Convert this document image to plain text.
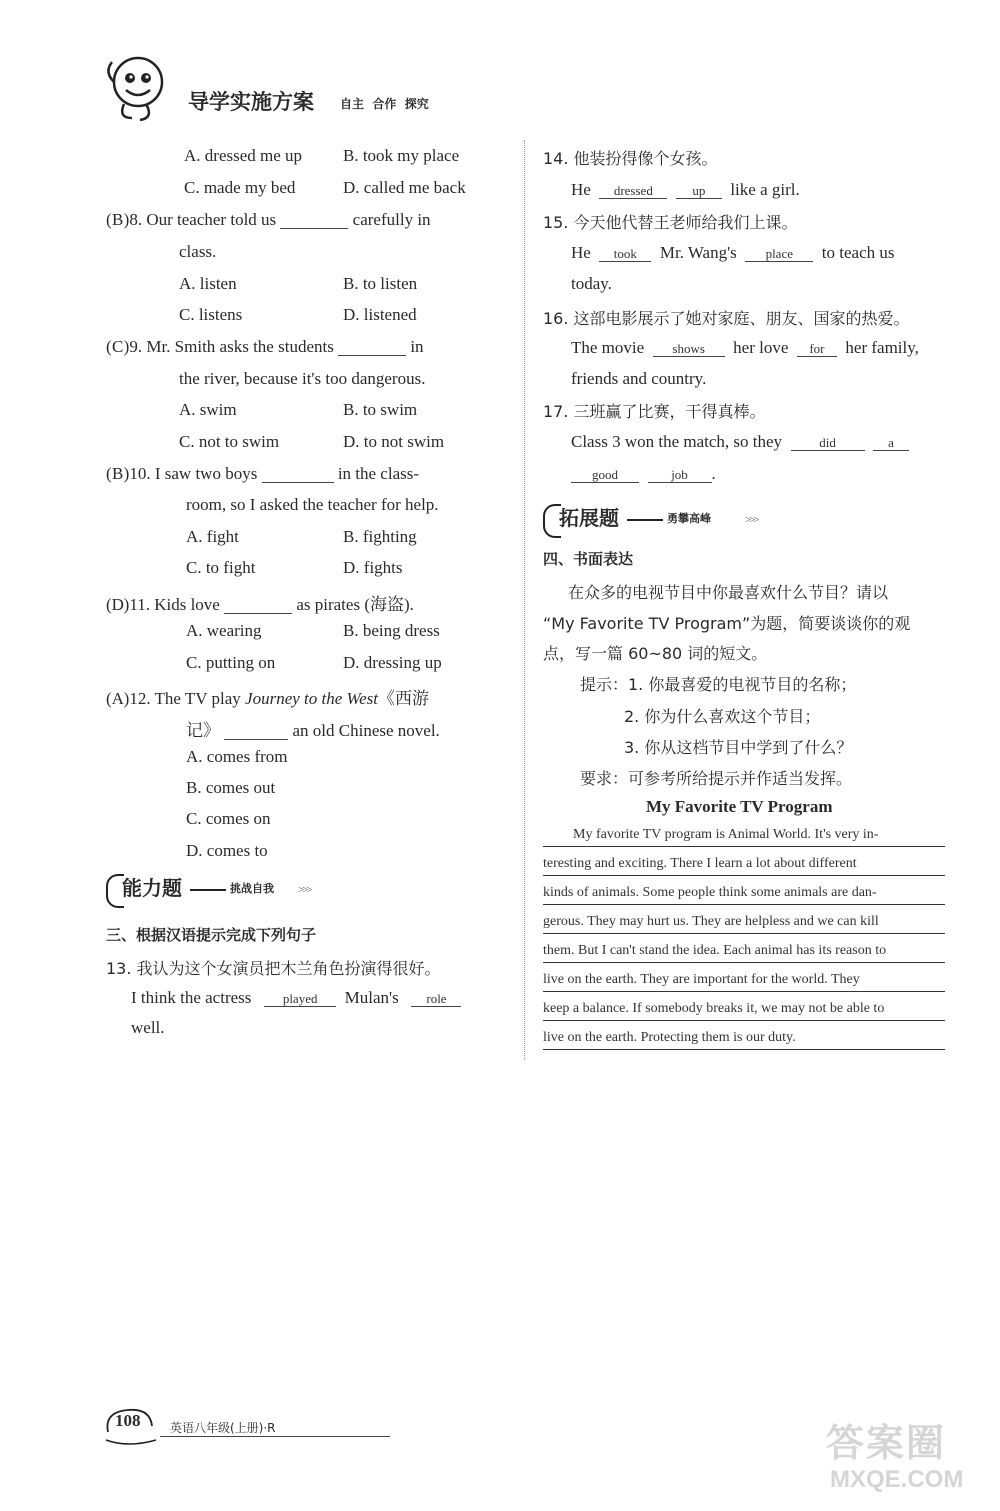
导学实施方案 自主  合作  探究
A. dressed me up B. took my place
C. made my bed	D. called me back
(B)8. Our teacher told us	carefully in
class.
A. listen	B. to listen
C. listens	D. listened
(C)9. Mr. Smith asks the students	in
the river, because it's too dangerous.
A. swim	B. to swim
C. not to swim	D. to not swim
(B)10. I saw two boys	in the class-
room, so I asked the teacher for help.
A. fight	B. fighting
C. to fight	D. fights
(D)11. Kids love	as pirates (海盗).
A. wearing	B. being dress
C. putting on	D. dressing up
(A)12. The TV play Journey to the West《西游
记》	an old Chinese novel.
A. comes from
B. comes out
C. comes on
D. comes to
能力题	挑战自我 >>>
三、根据汉语提示完成下列句子
13. 我认为这个女演员把木兰角色扮演得很好。
I think the actress played Mulan's role
well.
14. 他装扮得像个女孩。
He dressed	up like a girl.
15. 今天他代替王老师给我们上课。
He took Mr. Wang's place to teach us
today.
16. 这部电影展示了她对家庭、朋友、国家的热爱。
The movie shows her love for her family,
friends and country.
17. 三班赢了比赛，干得真棒。
Class 3 won the match, so they	did	a
good	job .
拓展题	勇攀高峰	>>>
四、书面表达
在众多的电视节目中你最喜欢什么节目？请以
“My Favorite TV Program”为题，简要谈谈你的观
点，写一篇 60~80 词的短文。
提示：1. 你最喜爱的电视节目的名称；
2. 你为什么喜欢这个节目；
3. 你从这档节目中学到了什么？
要求：可参考所给提示并作适当发挥。
My Favorite TV Program
My favorite TV program is Animal World. It's very in-
teresting and exciting. There I learn a lot about different
kinds of animals. Some people think some animals are dan-
gerous. They may hurt us. They are helpless and we can kill
them. But I can't stand the idea. Each animal has its reason to
live on the earth. They are important for the world. They
keep a balance. If somebody breaks it, we may not be able to
live on the earth. Protecting them is our duty.
108 英语八年级(上册)·R	答案圈
MXQE.COM
